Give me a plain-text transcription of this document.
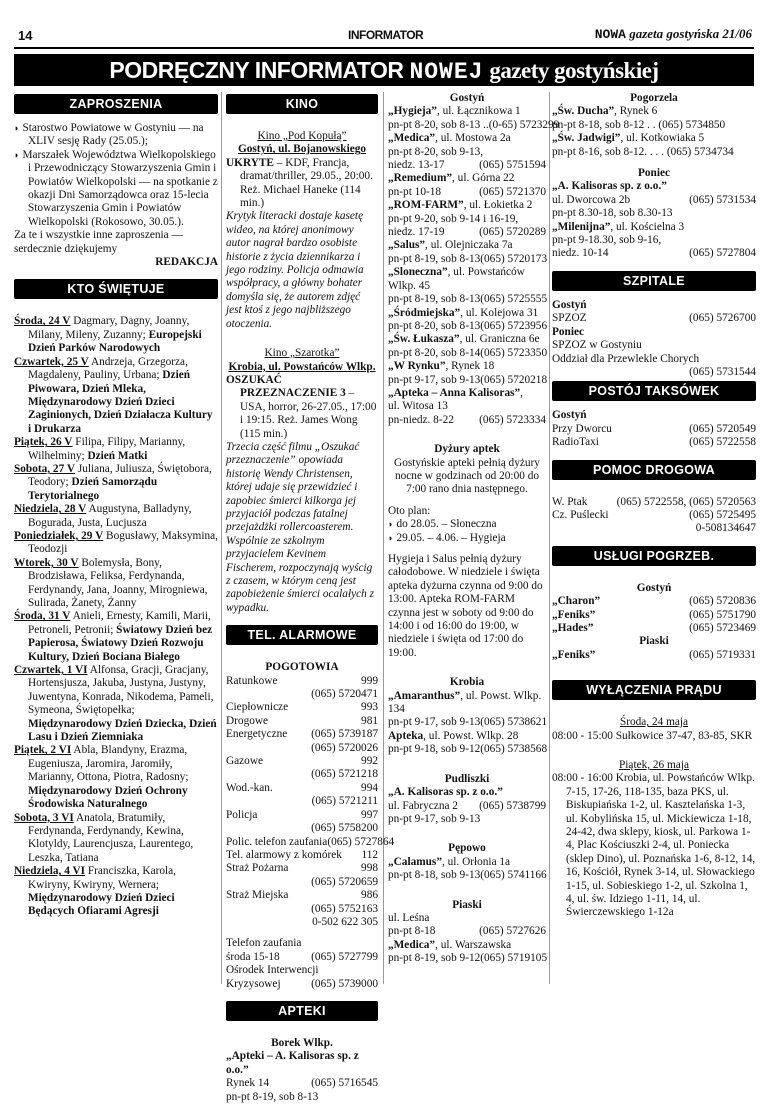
14	INFORMATOR	NOWA gazeta gostyńska 21/06
PODRĘCZNY INFORMATOR NOWEJ gazety gostyńskiej
ZAPROSZENIA

◗ Starostwo Powiatowe w Gostyniu — na XLIV sesję Rady (25.05.);

◗ Marszałek Województwa Wielkopolskiego i Przewodniczący Stowarzyszenia Gmin i Powiatów Wielkopolski — na spotkanie z okazji Dni Samorządowca oraz 15-lecia Stowarzyszenia Gmin i Powiatów Wielkopolski (Rokosowo, 30.05.).

Za te i wszystkie inne zaproszenia — serdecznie dziękujemy

REDAKCJA

KTO ŚWIĘTUJE

Środa, 24 V Dagmary, Dagny, Joanny, Milany, Mileny, Zuzanny; Europejski Dzień Parków Narodowych

Czwartek, 25 V Andrzeja, Grzegorza, Magdaleny, Pauliny, Urbana; Dzień Piwowara, Dzień Mleka, Międzynarodowy Dzień Dzieci Zaginionych, Dzień Działacza Kultury i Drukarza

Piątek, 26 V Filipa, Filipy, Marianny, Wilhelminy; Dzień Matki

Sobota, 27 V Juliana, Juliusza, Świętobora, Teodory; Dzień Samorządu Terytorialnego

Niedziela, 28 V Augustyna, Balladyny, Bogurada, Justa, Lucjusza

Poniedziałek, 29 V Bogusławy, Maksymina, Teodozji

Wtorek, 30 V Bolemysła, Bony, Brodzisława, Feliksa, Ferdynanda, Ferdynandy, Jana, Joanny, Mirogniewa, Sulirada, Żanety, Żanny

Środa, 31 V Anieli, Ernesty, Kamili, Marii, Petroneli, Petronii; Światowy Dzień bez Papierosa, Światowy Dzień Rozwoju Kultury, Dzień Bociana Białego

Czwartek, 1 VI Alfonsa, Gracji, Gracjany, Hortensjusza, Jakuba, Justyna, Justyny, Juwentyna, Konrada, Nikodema, Pameli, Symeona, Świętopełka; Międzynarodowy Dzień Dziecka, Dzień Lasu i Dzień Ziemniaka

Piątek, 2 VI Abla, Blandyny, Erazma, Eugeniusza, Jaromira, Jaromiły, Marianny, Ottona, Piotra, Radosny; Międzynarodowy Dzień Ochrony Środowiska Naturalnego

Sobota, 3 VI Anatola, Bratumiły, Ferdynanda, Ferdynandy, Kewina, Klotyldy, Laurencjusza, Laurentego, Leszka, Tatiana

Niedziela, 4 VI Franciszka, Karola, Kwiryny, Kwiryny, Wernera; Międzynarodowy Dzień Dzieci Będących Ofiarami Agresji

KINO

Kino „Pod Kopułą”

Gostyń, ul. Bojanowskiego

UKRYTE – KDF, Francja, dramat/thriller, 29.05., 20:00. Reż. Michael Haneke (114 min.)

Krytyk literacki dostaje kasetę wideo, na której anonimowy autor nagrał bardzo osobiste historie z życia dziennikarza i jego rodziny. Policja odmawia współpracy, a główny bohater domyśla się, że autorem zdjęć jest ktoś z jego najbliższego otoczenia.

Kino „Szarotka”

Krobia, ul. Powstańców Wlkp.

OSZUKAĆ PRZEZNACZENIE 3 – USA, horror, 26-27.05., 17:00 i 19:15. Reż. James Wong (115 min.)

Trzecia część filmu „Oszukać przeznaczenie” opowiada historię Wendy Christensen, której udaje się przewidzieć i zapobiec śmierci kilkorga jej przyjaciół podczas fatalnej przejażdżki rollercoasterem. Wspólnie ze szkolnym przyjacielem Kevinem Fischerem, rozpoczynają wyścig z czasem, w którym ceną jest zapobieżenie śmierci ocalałych z wypadku.

TEL. ALARMOWE

POGOTOWIA

Ratunkowe	999
(065) 5720471
Ciepłownicze	993
Drogowe	981
Energetyczne (065) 5739187
(065) 5720026
Gazowe	992
(065) 5721218
Wod.-kan.	994
(065) 5721211
Policja	997
(065) 5758200
Polic. telefon zaufania (065) 5727864
Tel. alarmowy z komórek 112
Straż Pożarna	998
(065) 5720659
Straż Miejska	986
(065) 5752163
0-502 622 305

Telefon zaufania

środa 15-18	(065) 5727799

Ośrodek Interwencji

Kryzysowej	(065) 5739000
APTEKI

Borek Wlkp.

„Apteki – A. Kalisoras sp. z o.o.”

Rynek 14	(065) 5716545

pn-pt 8-19, sob 8-13

Gostyń

„Hygieja”, ul. Łącznikowa 1

pn-pt 8-20, sob 8-13 .. (0-65) 5723299

„Medica”, ul. Mostowa 2a

pn-pt 8-20, sob 9-13,

niedz. 13-17	(065) 5751594

„Remedium”, ul. Górna 22

pn-pt 10-18	(065) 5721370

„ROM-FARM”, ul. Łokietka 2

pn-pt 9-20, sob 9-14 i 16-19,

niedz. 17-19	(065) 5720289

„Salus”, ul. Olejniczaka 7a

pn-pt 8-19, sob 8-13 (065) 5720173

„Sloneczna”, ul. Powstańców Wlkp. 45

pn-pt 8-19, sob 8-13 (065) 5725555

„Śródmiejska”, ul. Kolejowa 31

pn-pt 8-20, sob 8-13 (065) 5723956

„Św. Łukasza”, ul. Graniczna 6e

pn-pt 8-20, sob 8-14 (065) 5723350

„W Rynku”, Rynek 18

pn-pt 9-17, sob 9-13 (065) 5720218

„Apteka – Anna Kalisoras”,

ul. Witosa 13

pn-niedz. 8-22 (065) 5723334

Dyżury aptek

Gostyńskie apteki pełnią dyżury nocne w godzinach od 20:00 do 7:00 rano dnia następnego.

Oto plan:

◗ do 28.05. – Słoneczna

◗ 29.05. – 4.06. – Hygieja

Hygieja i Salus pełnią dyżury całodobowe. W niedziele i święta apteka dyżurna czynna od 9:00 do 13:00. Apteka ROM-FARM czynna jest w soboty od 9:00 do 14:00 i od 16:00 do 19:00, w niedziele i święta od 17:00 do 19:00.

Krobia

„Amaranthus”, ul. Powst. Wlkp. 134

pn-pt 9-17, sob 9-13 (065) 5738621

Apteka, ul. Powst. Wlkp. 28

pn-pt 9-18, sob 9-12 (065) 5738568

Pudliszki

„A. Kalisoras sp. z o.o.”

ul. Fabryczna 2 (065) 5738799

pn-pt 9-17, sob 9-13

Pępowo

„Calamus”, ul. Orłonia 1a

pn-pt 8-18, sob 9-13 (065) 5741166

Piaski

ul. Leśna

pn-pt 8-18	(065) 5727626

„Medica”, ul. Warszawska

pn-pt 8-19, sob 9-12 (065) 5719105

Pogorzela

„Św. Ducha”, Rynek 6

pn-pt 8-18, sob 8-12 . . (065) 5734850

„Św. Jadwigi”, ul. Kotkowiaka 5

pn-pt 8-16, sob 8-12. . . . (065) 5734734

Poniec

„A. Kalisoras sp. z o.o.”

ul. Dworcowa 2b	(065) 5731534

pn-pt 8.30-18, sob 8.30-13

„Milenijna”, ul. Kościelna 3

pn-pt 9-18.30, sob 9-16,

niedz. 10-14	(065) 5727804
SZPITALE

Gostyń

SPZOZ	(065) 5726700

Poniec

SPZOZ w Gostyniu

Oddział dla Przewlekle Chorych

(065) 5731544

POSTÓJ TAKSÓWEK

Gostyń

Przy Dworcu	(065) 5720549
RadioTaxi	(065) 5722558
POMOC DROGOWA
W. Ptak	(065) 5722558, (065) 5720563
Cz. Puślecki	(065) 5725495

0-508134647

USŁUGI POGRZEB.

Gostyń

„Charon”	(065) 5720836
„Feniks”	(065) 5751790
„Hades”	(065) 5723469

Piaski

„Feniks”	(065) 5719331
WYŁĄCZENIA PRĄDU

Środa, 24 maja

08:00 - 15:00 Sułkowice 37-47, 83-85, SKR

Piątek, 26 maja

08:00 - 16:00 Krobia, ul. Powstańców Wlkp. 7-15, 17-26, 118-135, baza PKS, ul. Biskupiańska 1-2, ul. Kasztelańska 1-3, ul. Kobylińska 15, ul. Mickiewicza 1-18, 24-42, dwa sklepy, kiosk, ul. Parkowa 1-4, Plac Kościuszki 2-4, ul. Poniecka (sklep Dino), ul. Poznańska 1-6, 8-12, 14, 16, Kościół, Rynek 3-14, ul. Słowackiego 1-15, ul. Sobieskiego 1-2, ul. Szkolna 1, 4, ul. św. Idziego 1-11, 14, ul. Świerczewskiego 1-12a
